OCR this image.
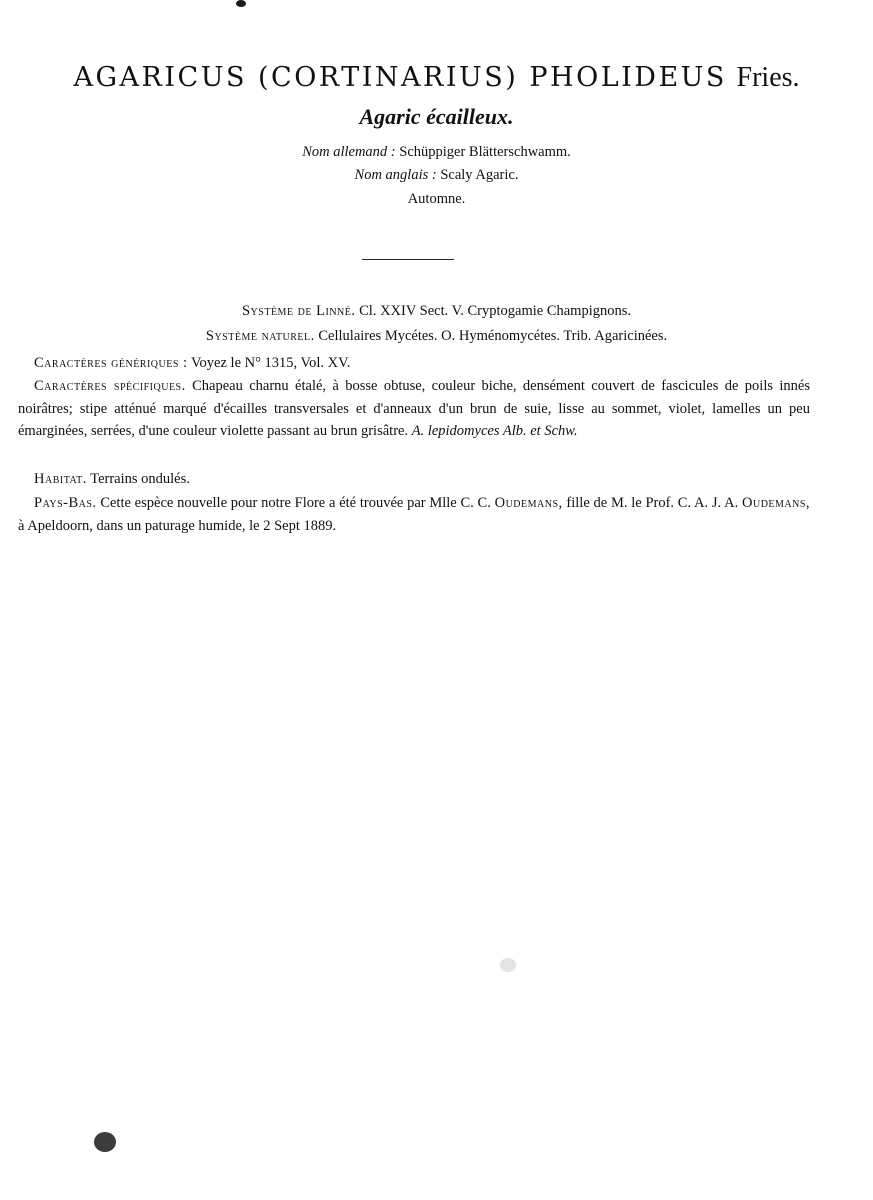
AGARICUS (CORTINARIUS) PHOLIDEUS Fries.
Agaric écailleux.
Nom allemand : Schüppiger Blätterschwamm.
Nom anglais : Scaly Agaric.
Automne.
Système de Linné. Cl. XXIV Sect. V. Cryptogamie Champignons.
Système naturel. Cellulaires Mycétes. O. Hyménomycétes. Trib. Agaricinées.
Caractères génériques : Voyez le N° 1315, Vol. XV.
Caractères spécifiques. Chapeau charnu étalé, à bosse obtuse, couleur biche, densément couvert de fascicules de poils innés noirâtres; stipe atténué marqué d'écailles transversales et d'anneaux d'un brun de suie, lisse au sommet, violet, lamelles un peu émarginées, serrées, d'une couleur violette passant au brun grisâtre. A. lepidomyces Alb. et Schw.
Habitat. Terrains ondulés.
Pays-Bas. Cette espèce nouvelle pour notre Flore a été trouvée par Mlle C. C. Oudemans, fille de M. le Prof. C. A. J. A. Oudemans, à Apeldoorn, dans un paturage humide, le 2 Sept 1889.
